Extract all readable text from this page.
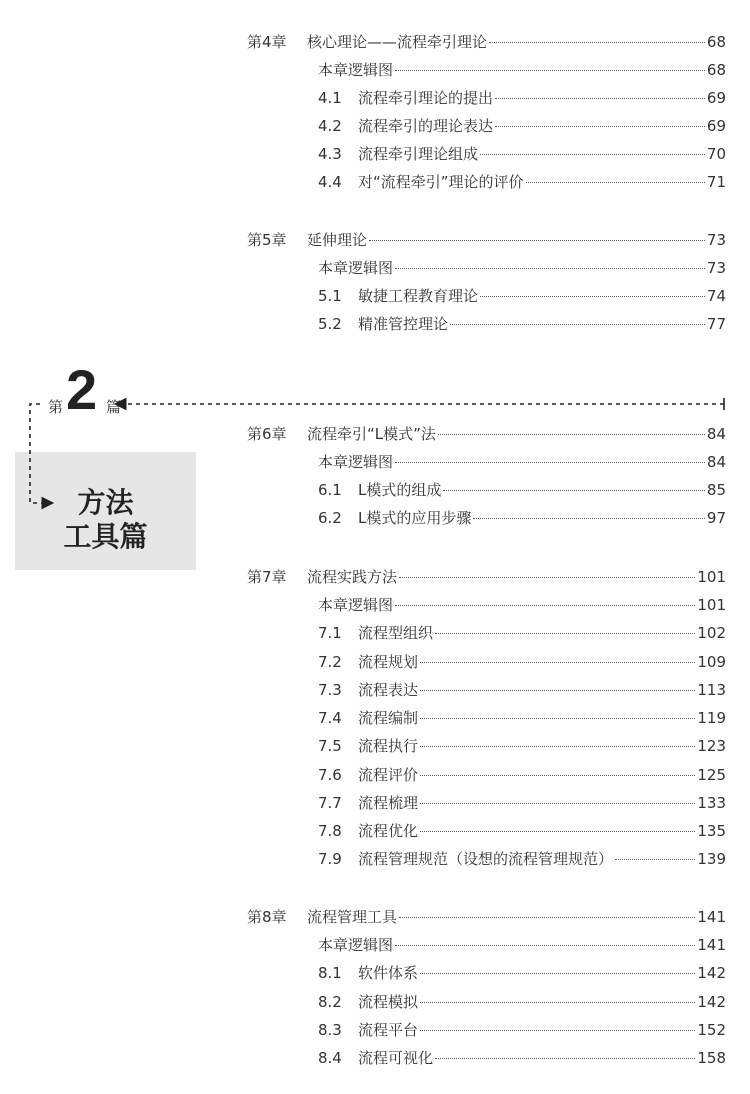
第 2 篇
方法
工具篇
第4章	核心理论——流程牵引理论	68
本章逻辑图	68
4.1	流程牵引理论的提出	69
4.2	流程牵引的理论表达	69
4.3	流程牵引理论组成	70
4.4	对“流程牵引”理论的评价	71
第5章	延伸理论	73
本章逻辑图	73
5.1	敏捷工程教育理论	74
5.2	精准管控理论	77
第6章	流程牵引“L模式”法	84
本章逻辑图	84
6.1	L模式的组成	85
6.2	L模式的应用步骤	97
第7章	流程实践方法	101
本章逻辑图	101
7.1	流程型组织	102
7.2	流程规划	109
7.3	流程表达	113
7.4	流程编制	119
7.5	流程执行	123
7.6	流程评价	125
7.7	流程梳理	133
7.8	流程优化	135
7.9	流程管理规范（设想的流程管理规范）	139
第8章	流程管理工具	141
本章逻辑图	141
8.1	软件体系	142
8.2	流程模拟	142
8.3	流程平台	152
8.4	流程可视化	158
